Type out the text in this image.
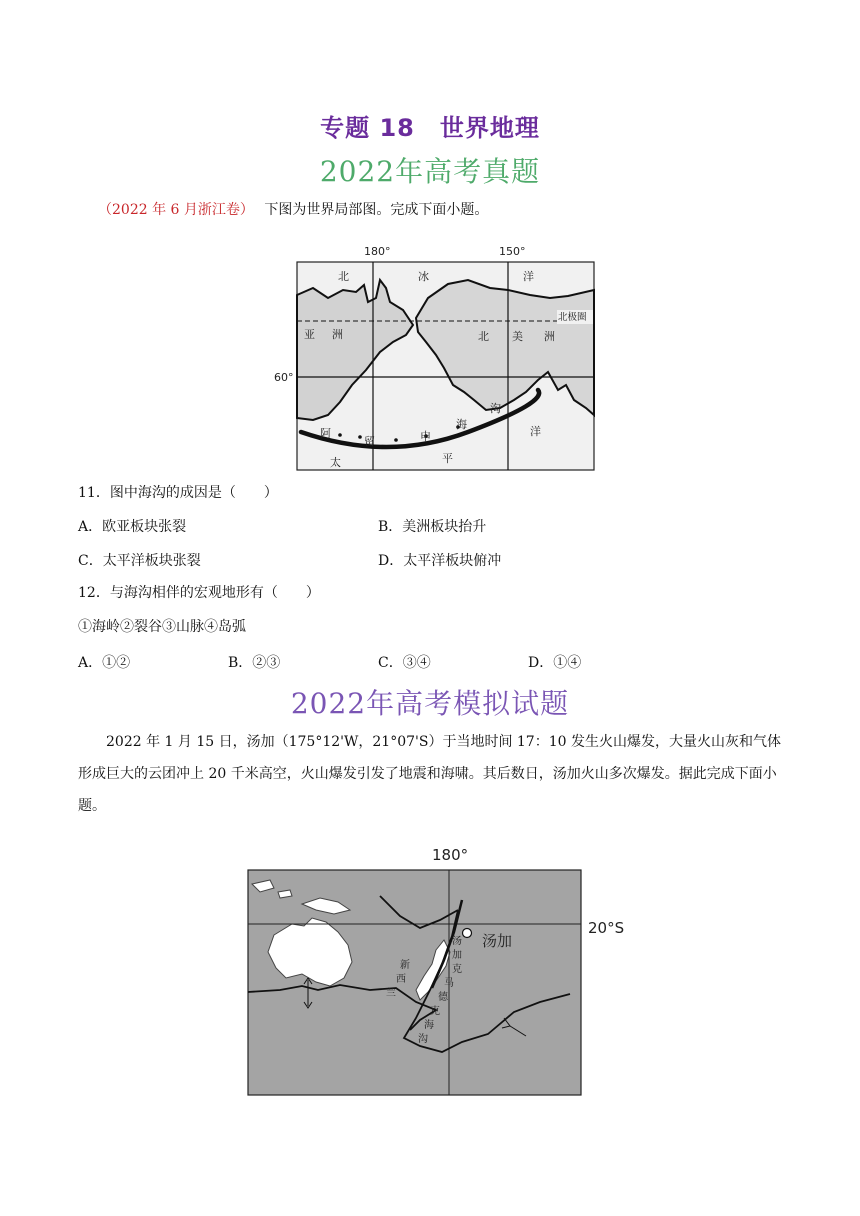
专题 18　世界地理
2022年高考真题
（2022 年 6 月浙江卷） 下图为世界局部图。完成下面小题。
180°	150°
60°
北	冰	洋
北极圈
亚 洲	北 美 洲
沟
海
申
留
阿	洋
平
太
11．图中海沟的成因是（　　）
A．欧亚板块张裂	B．美洲板块抬升
C．太平洋板块张裂	D．太平洋板块俯冲
12．与海沟相伴的宏观地形有（　　）
①海岭②裂谷③山脉④岛弧
A．①②	B．②③	C．③④	D．①④
2022年高考模拟试题
2022 年 1 月 15 日，汤加（175°12'W，21°07'S）于当地时间 17：10 发生火山爆发，大量火山灰和气体形成巨大的云团冲上 20 千米高空，火山爆发引发了地震和海啸。其后数日，汤加火山多次爆发。据此完成下面小题。
180°
20°S
汤加
新
西
兰
汤
加
克
马
德
克
海
沟
